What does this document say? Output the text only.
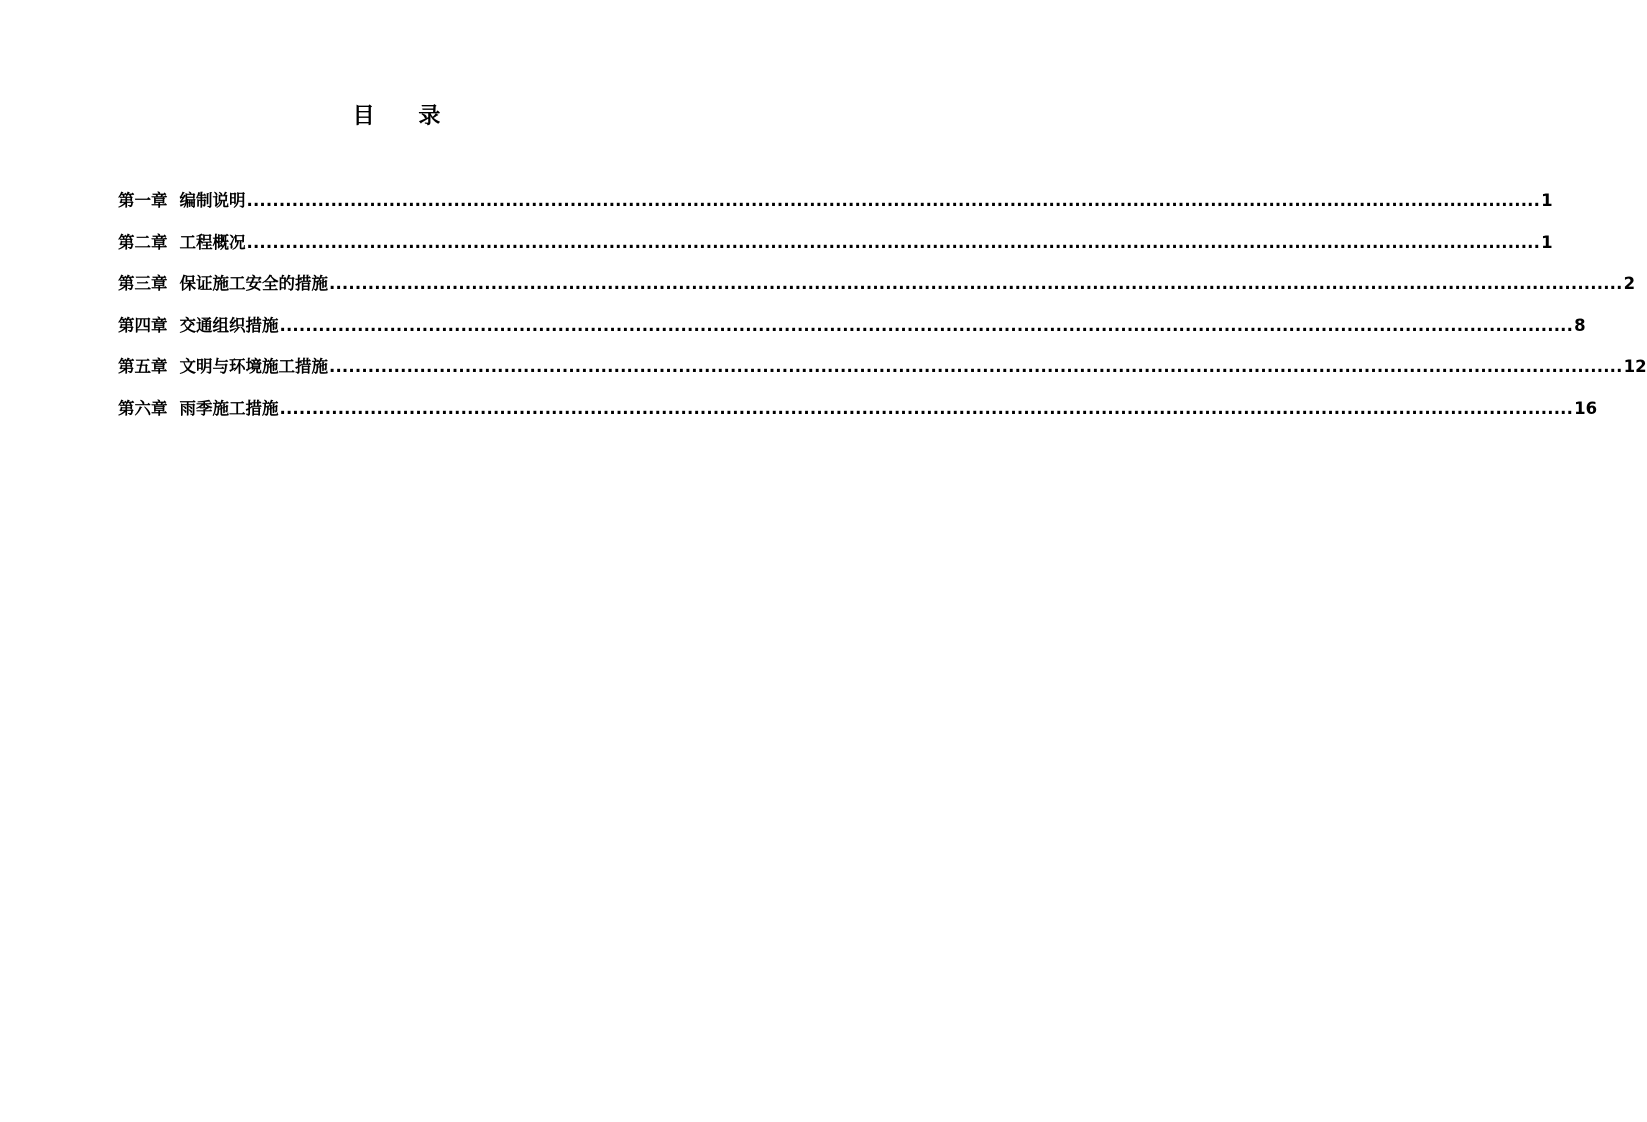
目 录
第一章 编制说明 ........................................................................................................................................................................................................ 1
第二章 工程概况 ........................................................................................................................................................................................................ 1
第三章 保证施工安全的措施 ........................................................................................................................................................................................................ 2
第四章 交通组织措施 ........................................................................................................................................................................................................ 8
第五章 文明与环境施工措施 ........................................................................................................................................................................................................ 12
第六章 雨季施工措施 ........................................................................................................................................................................................................ 16
